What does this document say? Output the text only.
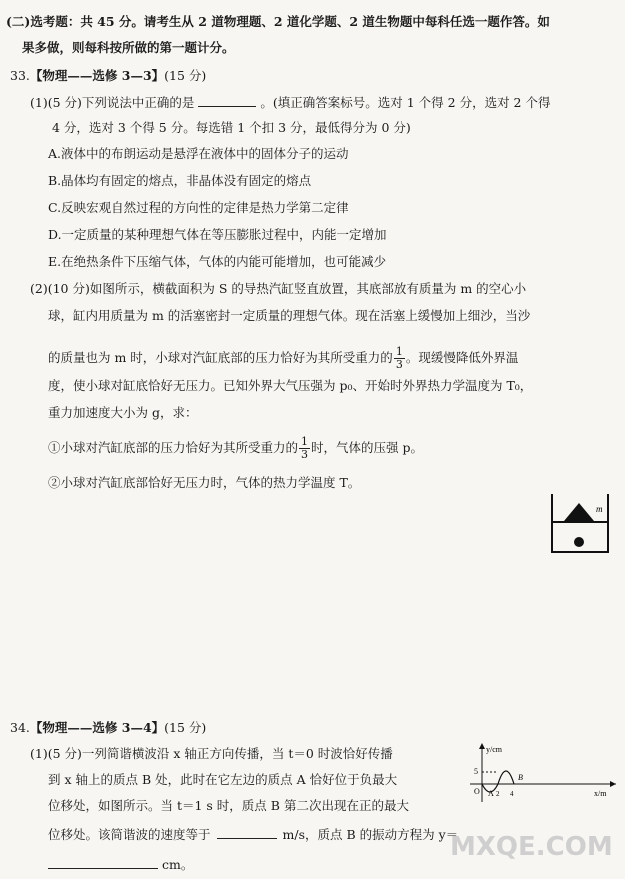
(二)选考题：共 45 分。请考生从 2 道物理题、2 道化学题、2 道生物题中每科任选一题作答。如
果多做，则每科按所做的第一题计分。
33.【物理——选修 3—3】(15 分)
(1)(5 分)下列说法中正确的是	。(填正确答案标号。选对 1 个得 2 分，选对 2 个得
4 分，选对 3 个得 5 分。每选错 1 个扣 3 分，最低得分为 0 分)
A.液体中的布朗运动是悬浮在液体中的固体分子的运动
B.晶体均有固定的熔点，非晶体没有固定的熔点
C.反映宏观自然过程的方向性的定律是热力学第二定律
D.一定质量的某种理想气体在等压膨胀过程中，内能一定增加
E.在绝热条件下压缩气体，气体的内能可能增加，也可能减少
(2)(10 分)如图所示，横截面积为 S 的导热汽缸竖直放置，其底部放有质量为 m 的空心小
球，缸内用质量为 m 的活塞密封一定质量的理想气体。现在活塞上缓慢加上细沙，当沙
的质量也为 m 时，小球对汽缸底部的压力恰好为其所受重力的 $\frac{1}{3}$ 。现缓慢降低外界温
度，使小球对缸底恰好无压力。已知外界大气压强为 p₀、开始时外界热力学温度为 T₀，
重力加速度大小为 g，求：
①小球对汽缸底部的压力恰好为其所受重力的 $\frac{1}{3}$ 时，气体的压强 p。
②小球对汽缸底部恰好无压力时，气体的热力学温度 T。
m
34.【物理——选修 3—4】(15 分)
(1)(5 分)一列简谐横波沿 x 轴正方向传播，当 t＝0 时波恰好传播
到 x 轴上的质点 B 处，此时在它左边的质点 A 恰好位于负最大
位移处，如图所示。当 t＝1 s 时，质点 B 第二次出现在正的最大
位移处。该简谐波的速度等于	m/s，质点 B 的振动方程为 y＝
cm。
y/cm
x/m
5
O A 2 4
B
MXQE.COM
